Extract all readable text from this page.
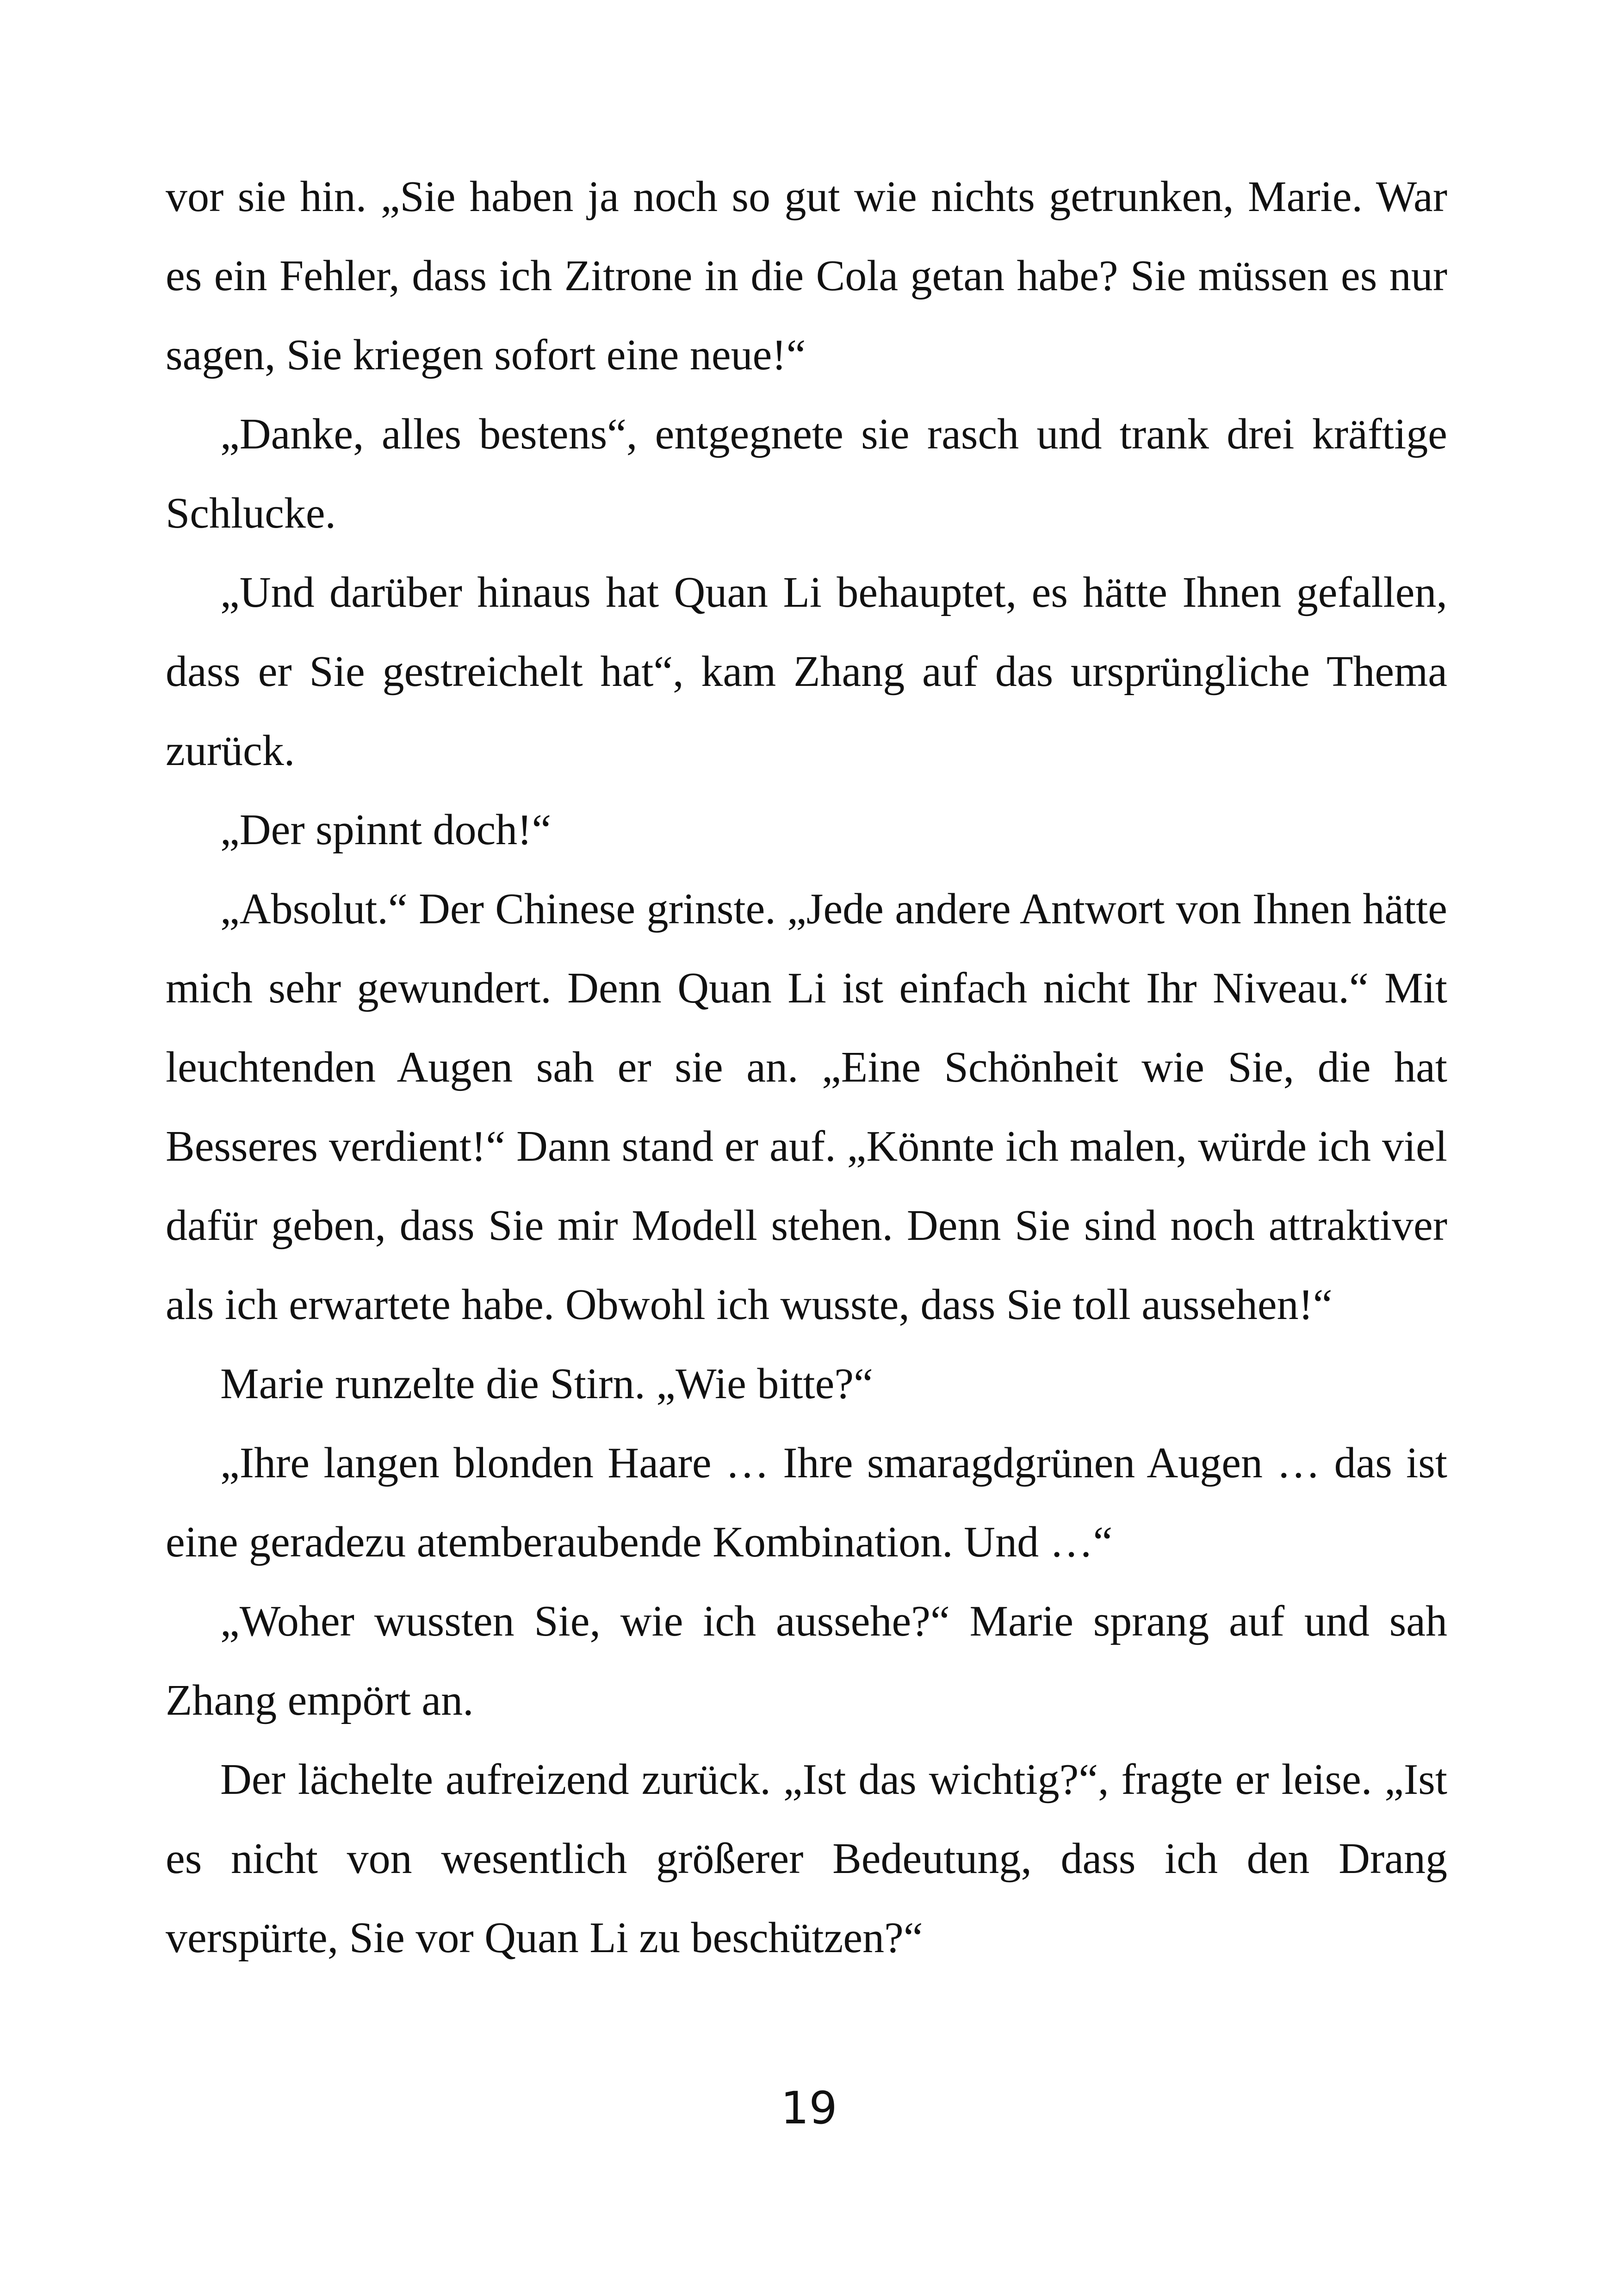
vor sie hin. „Sie haben ja noch so gut wie nichts getrunken, Marie. War es ein Fehler, dass ich Zitrone in die Cola getan habe? Sie müssen es nur sagen, Sie kriegen sofort eine neue!“

„Danke, alles bestens“, entgegnete sie rasch und trank drei kräftige Schlucke.

„Und darüber hinaus hat Quan Li behauptet, es hätte Ihnen gefallen, dass er Sie gestreichelt hat“, kam Zhang auf das ursprüngliche Thema zurück.

„Der spinnt doch!“

„Absolut.“ Der Chinese grinste. „Jede andere Antwort von Ihnen hätte mich sehr gewundert. Denn Quan Li ist einfach nicht Ihr Niveau.“ Mit leuchtenden Augen sah er sie an. „Eine Schönheit wie Sie, die hat Besseres verdient!“ Dann stand er auf. „Könnte ich malen, würde ich viel dafür geben, dass Sie mir Modell stehen. Denn Sie sind noch attraktiver als ich erwartete habe. Obwohl ich wusste, dass Sie toll aussehen!“

Marie runzelte die Stirn. „Wie bitte?“

„Ihre langen blonden Haare … Ihre smaragdgrünen Augen … das ist eine geradezu atemberaubende Kombination. Und …“

„Woher wussten Sie, wie ich aussehe?“ Marie sprang auf und sah Zhang empört an.

Der lächelte aufreizend zurück. „Ist das wichtig?“, fragte er leise. „Ist es nicht von wesentlich größerer Bedeutung, dass ich den Drang verspürte, Sie vor Quan Li zu beschützen?“

19
